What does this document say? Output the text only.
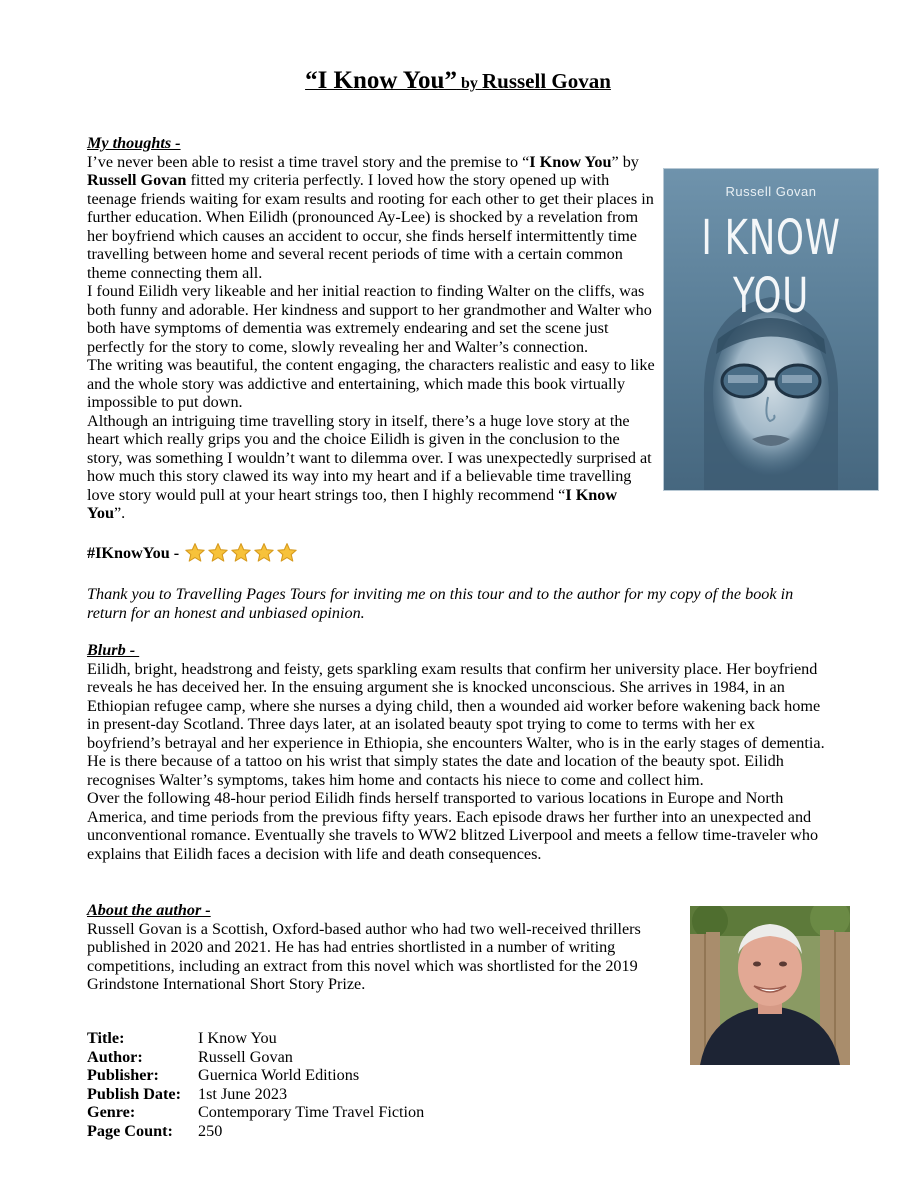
“I Know You” by Russell Govan
My thoughts -

I’ve never been able to resist a time travel story and the premise to “I Know You” by Russell Govan fitted my criteria perfectly. I loved how the story opened up with teenage friends waiting for exam results and rooting for each other to get their places in further education. When Eilidh (pronounced Ay-Lee) is shocked by a revelation from her boyfriend which causes an accident to occur, she finds herself intermittently time travelling between home and several recent periods of time with a certain common theme connecting them all.

I found Eilidh very likeable and her initial reaction to finding Walter on the cliffs, was both funny and adorable. Her kindness and support to her grandmother and Walter who both have symptoms of dementia was extremely endearing and set the scene just perfectly for the story to come, slowly revealing her and Walter’s connection.

The writing was beautiful, the content engaging, the characters realistic and easy to like and the whole story was addictive and entertaining, which made this book virtually impossible to put down.

Although an intriguing time travelling story in itself, there’s a huge love story at the heart which really grips you and the choice Eilidh is given in the conclusion to the story, was something I wouldn’t want to dilemma over. I was unexpectedly surprised at how much this story clawed its way into my heart and if a believable time travelling love story would pull at your heart strings too, then I highly recommend “I Know You”.

#IKnowYou -
Thank you to Travelling Pages Tours for inviting me on this tour and to the author for my copy of the book in return for an honest and unbiased opinion.
Blurb -

Eilidh, bright, headstrong and feisty, gets sparkling exam results that confirm her university place. Her boyfriend reveals he has deceived her. In the ensuing argument she is knocked unconscious. She arrives in 1984, in an Ethiopian refugee camp, where she nurses a dying child, then a wounded aid worker before wakening back home in present-day Scotland. Three days later, at an isolated beauty spot trying to come to terms with her ex boyfriend’s betrayal and her experience in Ethiopia, she encounters Walter, who is in the early stages of dementia. He is there because of a tattoo on his wrist that simply states the date and location of the beauty spot. Eilidh recognises Walter’s symptoms, takes him home and contacts his niece to come and collect him.

Over the following 48-hour period Eilidh finds herself transported to various locations in Europe and North America, and time periods from the previous fifty years. Each episode draws her further into an unexpected and unconventional romance. Eventually she travels to WW2 blitzed Liverpool and meets a fellow time-traveler who explains that Eilidh faces a decision with life and death consequences.

About the author -

Russell Govan is a Scottish, Oxford-based author who had two well-received thrillers published in 2020 and 2021. He has had entries shortlisted in a number of writing competitions, including an extract from this novel which was shortlisted for the 2019 Grindstone International Short Story Prize.

Russell Govan
I KNOW YOU
Title:	I Know You
Author:	Russell Govan
Publisher:	Guernica World Editions
Publish Date:	1st June 2023
Genre:	Contemporary Time Travel Fiction
Page Count:	250
